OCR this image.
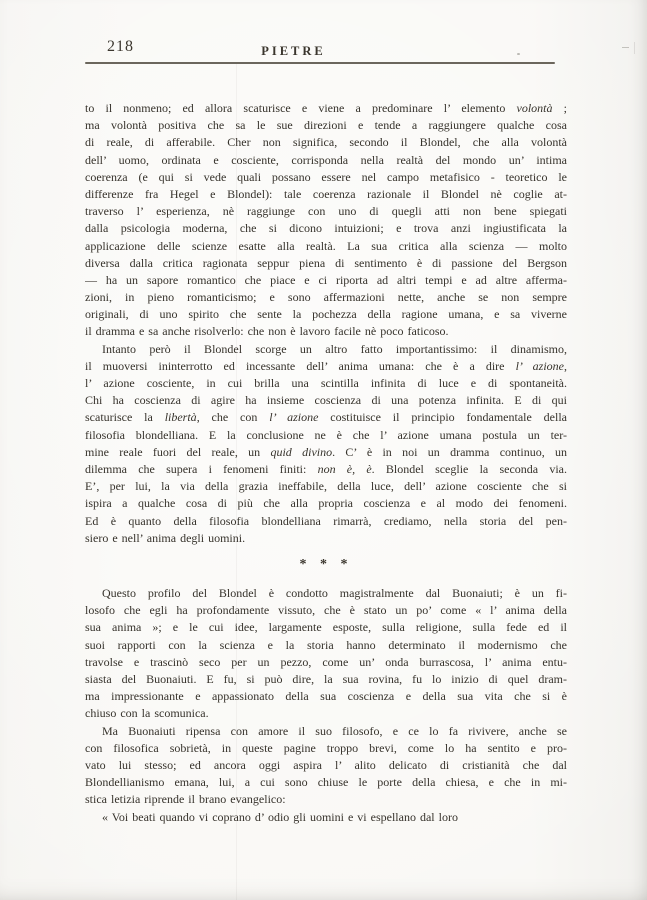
218	PIETRE
to il nonmeno; ed allora scaturisce e viene a predominare l’ elemento volontà ;
ma volontà positiva che sa le sue direzioni e tende a raggiungere qualche cosa
di reale, di afferabile. Cher non significa, secondo il Blondel, che alla volontà
dell’ uomo, ordinata e cosciente, corrisponda nella realtà del mondo un’ intima
coerenza (e qui si vede quali possano essere nel campo metafisico - teoretico le
differenze fra Hegel e Blondel): tale coerenza razionale il Blondel nè coglie at-
traverso l’ esperienza, nè raggiunge con uno di quegli atti non bene spiegati
dalla psicologia moderna, che si dicono intuizioni; e trova anzi ingiustificata la
applicazione delle scienze esatte alla realtà. La sua critica alla scienza — molto
diversa dalla critica ragionata seppur piena di sentimento è di passione del Bergson
— ha un sapore romantico che piace e ci riporta ad altri tempi e ad altre afferma-
zioni, in pieno romanticismo; e sono affermazioni nette, anche se non sempre
originali, di uno spirito che sente la pochezza della ragione umana, e sa viverne
il dramma e sa anche risolverlo: che non è lavoro facile nè poco faticoso.
Intanto però il Blondel scorge un altro fatto importantissimo: il dinamismo,
il muoversi ininterrotto ed incessante dell’ anima umana: che è a dire l’ azione,
l’ azione cosciente, in cui brilla una scintilla infinita di luce e di spontaneità.
Chi ha coscienza di agire ha insieme coscienza di una potenza infinita. E di qui
scaturisce la libertà, che con l’ azione costituisce il principio fondamentale della
filosofia blondelliana. E la conclusione ne è che l’ azione umana postula un ter-
mine reale fuori del reale, un quid divino. C’ è in noi un dramma continuo, un
dilemma che supera i fenomeni finiti: non è, è. Blondel sceglie la seconda via.
E’, per lui, la via della grazia ineffabile, della luce, dell’ azione cosciente che si
ispira a qualche cosa di più che alla propria coscienza e al modo dei fenomeni.
Ed è quanto della filosofia blondelliana rimarrà, crediamo, nella storia del pen-
siero e nell’ anima degli uomini.
* * *
Questo profilo del Blondel è condotto magistralmente dal Buonaiuti; è un fi-
losofo che egli ha profondamente vissuto, che è stato un po’ come « l’ anima della
sua anima »; e le cui idee, largamente esposte, sulla religione, sulla fede ed il
suoi rapporti con la scienza e la storia hanno determinato il modernismo che
travolse e trascinò seco per un pezzo, come un’ onda burrascosa, l’ anima entu-
siasta del Buonaiuti. E fu, si può dire, la sua rovina, fu lo inizio di quel dram-
ma impressionante e appassionato della sua coscienza e della sua vita che si è
chiuso con la scomunica.
Ma Buonaiuti ripensa con amore il suo filosofo, e ce lo fa rivivere, anche se
con filosofica sobrietà, in queste pagine troppo brevi, come lo ha sentito e pro-
vato lui stesso; ed ancora oggi aspira l’ alito delicato di cristianità che dal
Blondellianismo emana, lui, a cui sono chiuse le porte della chiesa, e che in mi-
stica letizia riprende il brano evangelico:
« Voi beati quando vi coprano d’ odio gli uomini e vi espellano dal loro
